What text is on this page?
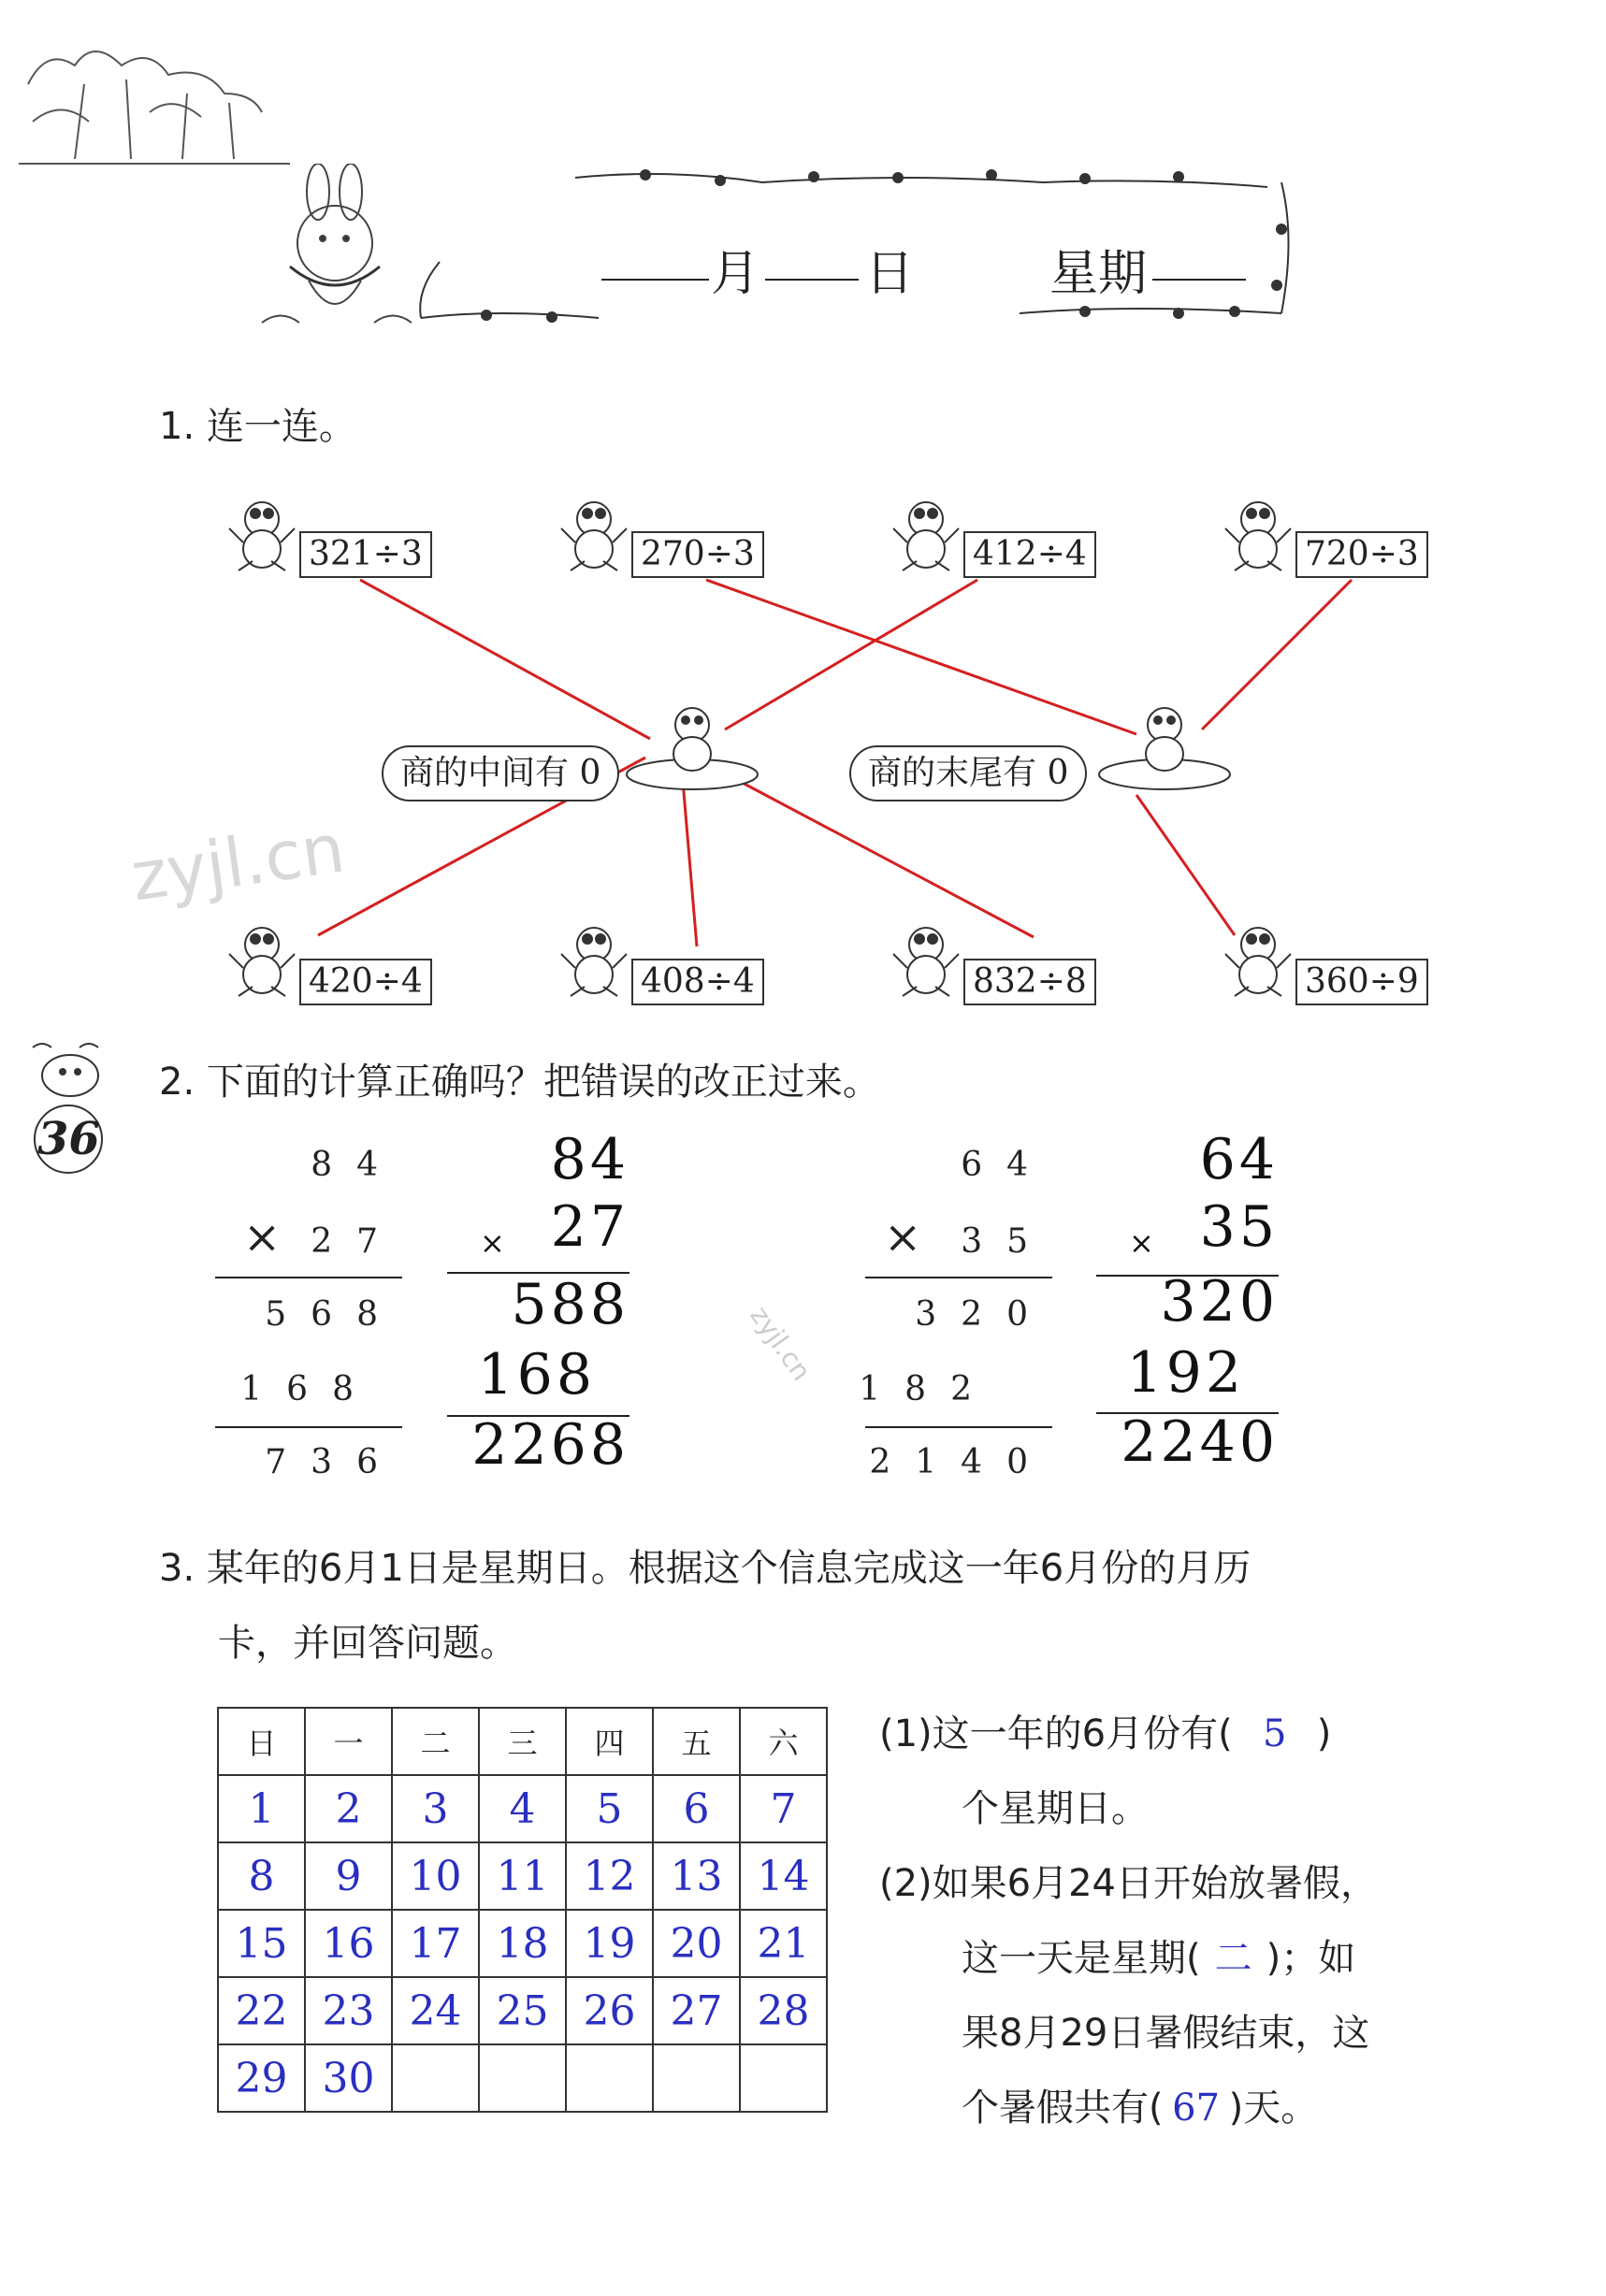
月 日	星期
1. 连一连。
321÷3	270÷3	412÷4	720÷3
商的中间有 0	商的末尾有 0
420÷4	408÷4	832÷8	360÷9
zyjl.cn
zyjl.cn
36
2. 下面的计算正确吗？把错误的改正过来。
84
× 27
568
168
736
84
× 27
588
168
2268
64
× 35
320
182
2140
64
× 35
320
192
2240
3. 某年的6月1日是星期日。根据这个信息完成这一年6月份的月历
卡，并回答问题。
日	一	二	三	四	五	六
1	2	3	4	5	6	7
8	9	10	11	12	13	14
15	16	17	18	19	20	21
22	23	24	25	26	27	28
29	30					
(1)这一年的6月份有( 5 )
个星期日。
(2)如果6月24日开始放暑假，
这一天是星期( 二 )；如
果8月29日暑假结束，这
个暑假共有( 67 )天。
